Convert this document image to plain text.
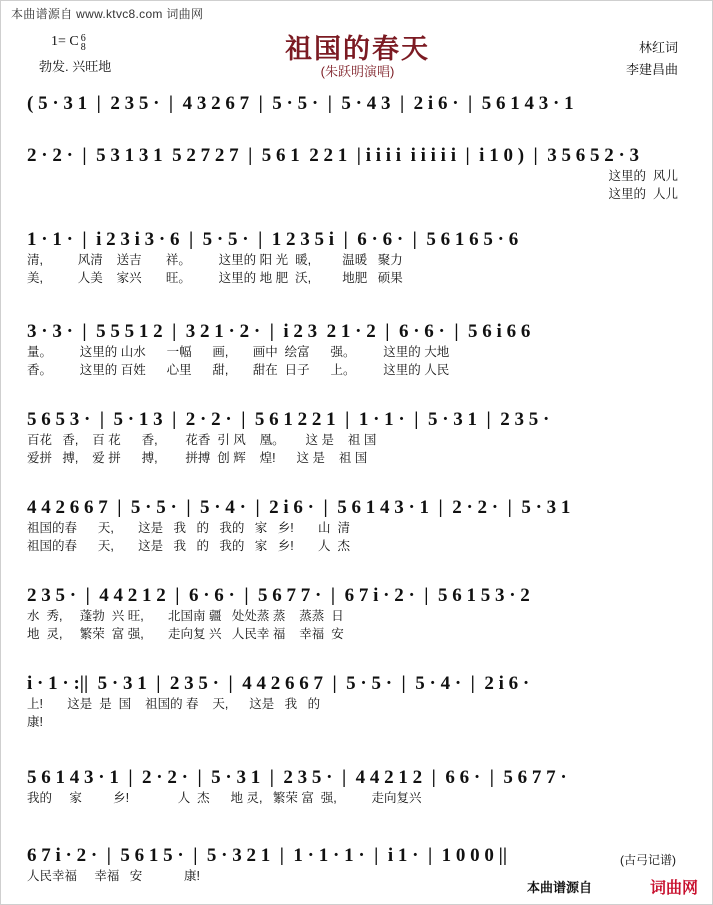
本曲谱源自 www.ktvc8.com 词曲网
1= C 6
8
勃发. 兴旺地
祖国的春天
(朱跃明演唱)
林红词
李建昌曲
( 5 · 3 1  |  2 3 5 ·  |  4 3 2 6 7  |  5 · 5 ·  |  5 · 4 3  |  2 i 6 ·  |  5 6 1 4 3 · 1
2 · 2 ·  |  5 3 1 3 1  5 2 7 2 7  |  5 6 1  2 2 1  | i i i i  i i i i i  |  i 1 0 )  |  3 5 6 5 2 · 3
这里的  风儿
这里的  人儿
1 · 1 ·  |  i 2 3 i 3 · 6  |  5 · 5 ·  |  1 2 3 5 i  |  6 · 6 ·  |  5 6 1 6 5 · 6
清,          风清    送吉       祥。        这里的 阳 光  暖,         温暖   聚力
美,          人美    家兴       旺。        这里的 地 肥  沃,         地肥   硕果
3 · 3 ·  |  5 5 5 1 2  |  3 2 1 · 2 ·  |  i 2 3  2 1 · 2  |  6 · 6 ·  |  5 6 i 6 6
量。        这里的 山水      一幅      画,       画中  绘富      强。        这里的 大地
香。        这里的 百姓      心里      甜,       甜在  日子      上。        这里的 人民
5 6 5 3 ·  |  5 · 1 3  |  2 · 2 ·  |  5 6 1 2 2 1  |  1 · 1 ·  |  5 · 3 1  |  2 3 5 ·
百花   香,    百 花      香,        花香  引 风    凰。      这 是    祖 国
爱拼   搏,    爱 拼      搏,        拼搏  创 辉    煌!      这 是    祖 国
4 4 2 6 6 7  |  5 · 5 ·  |  5 · 4 ·  |  2 i 6 ·  |  5 6 1 4 3 · 1  |  2 · 2 ·  |  5 · 3 1
祖国的春      天,       这是   我   的   我的   家   乡!       山  清
祖国的春      天,       这是   我   的   我的   家   乡!       人  杰
2 3 5 ·  |  4 4 2 1 2  |  6 · 6 ·  |  5 6 7 7 ·  |  6 7 i · 2 ·  |  5 6 1 5 3 · 2
水  秀,     蓬勃  兴 旺,       北国南 疆   处处蒸 蒸    蒸蒸  日
地  灵,     繁荣  富 强,       走向复 兴   人民幸 福    幸福  安
i · 1 · :||  5 · 3 1  |  2 3 5 ·  |  4 4 2 6 6 7  |  5 · 5 ·  |  5 · 4 ·  |  2 i 6 ·
上!       这是  是  国    祖国的 春    天,      这是   我   的
康!
5 6 1 4 3 · 1  |  2 · 2 ·  |  5 · 3 1  |  2 3 5 ·  |  4 4 2 1 2  |  6 6 ·  |  5 6 7 7 ·
我的     家         乡!              人  杰      地 灵,   繁荣 富  强,          走向复兴
6 7 i · 2 ·  |  5 6 1 5 ·  |  5 · 3 2 1  |  1 · 1 · 1 ·  |  i 1 ·  |  1 0 0 0 ||
人民幸福     幸福   安            康!
(古弓记谱)
本曲谱源自	词曲网
